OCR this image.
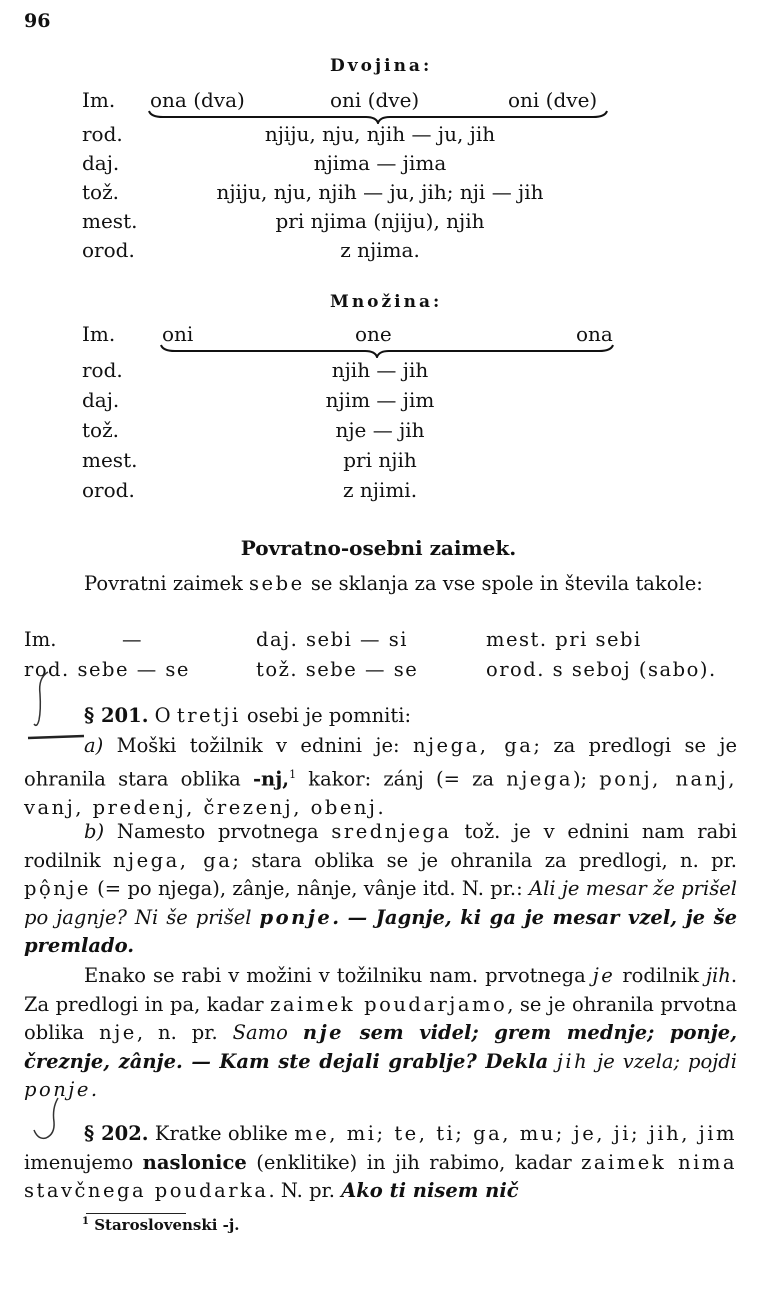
96
Dvojina:
Im. ona (dva)	oni (dve)	oni (dve)
rod.	njiju, nju, njih — ju, jih
daj.	njima — jima
tož.	njiju, nju, njih — ju, jih; nji — jih
mest.	pri njima (njiju), njih
orod.	z njima.
Množina:
Im. oni	one	ona
rod.	njih — jih
daj.	njim — jim
tož.	nje — jih
mest.	pri njih
orod.	z njimi.
Povratno-osebni zaimek.
Povratni zaimek sebe se sklanja za vse spole in števila takole:
Im.	—	daj. sebi — si	mest. pri sebi
rod. sebe — se	tož. sebe — se	orod. s seboj (sabo).
§ 201. O tretji osebi je pomniti:
a) Moški tožilnik v ednini je: njega, ga; za predlogi se je ohranila stara oblika -nj,$^1$ kakor: zánj (= za njega); ponj, nanj, vanj, predenj, črezenj, obenj.
b) Namesto prvotnega srednjega tož. je v ednini nam rabi rodilnik njega, ga; stara oblika se je ohranila za predlogi, n. pr. pộnje (= po njega), zânje, nânje, vânje itd. N. pr.: Ali je mesar že prišel po jagnje? Ni še prišel ponje. — Jagnje, ki ga je mesar vzel, je še premlado.
Enako se rabi v možini v tožilniku nam. prvotnega je rodilnik jih. Za predlogi in pa, kadar zaimek poudarjamo, se je ohranila prvotna oblika nje, n. pr. Samo nje sem videl; grem mednje; ponje, čreznje, zânje. — Kam ste dejali grablje? Dekla jih je vzela; pojdi ponje.
§ 202. Kratke oblike me, mi; te, ti; ga, mu; je, ji; jih, jim imenujemo naslonice (enklitike) in jih rabimo, kadar zaimek nima stavčnega poudarka. N. pr. Ako ti nisem nič
$^1$ Staroslovenski -ј.
